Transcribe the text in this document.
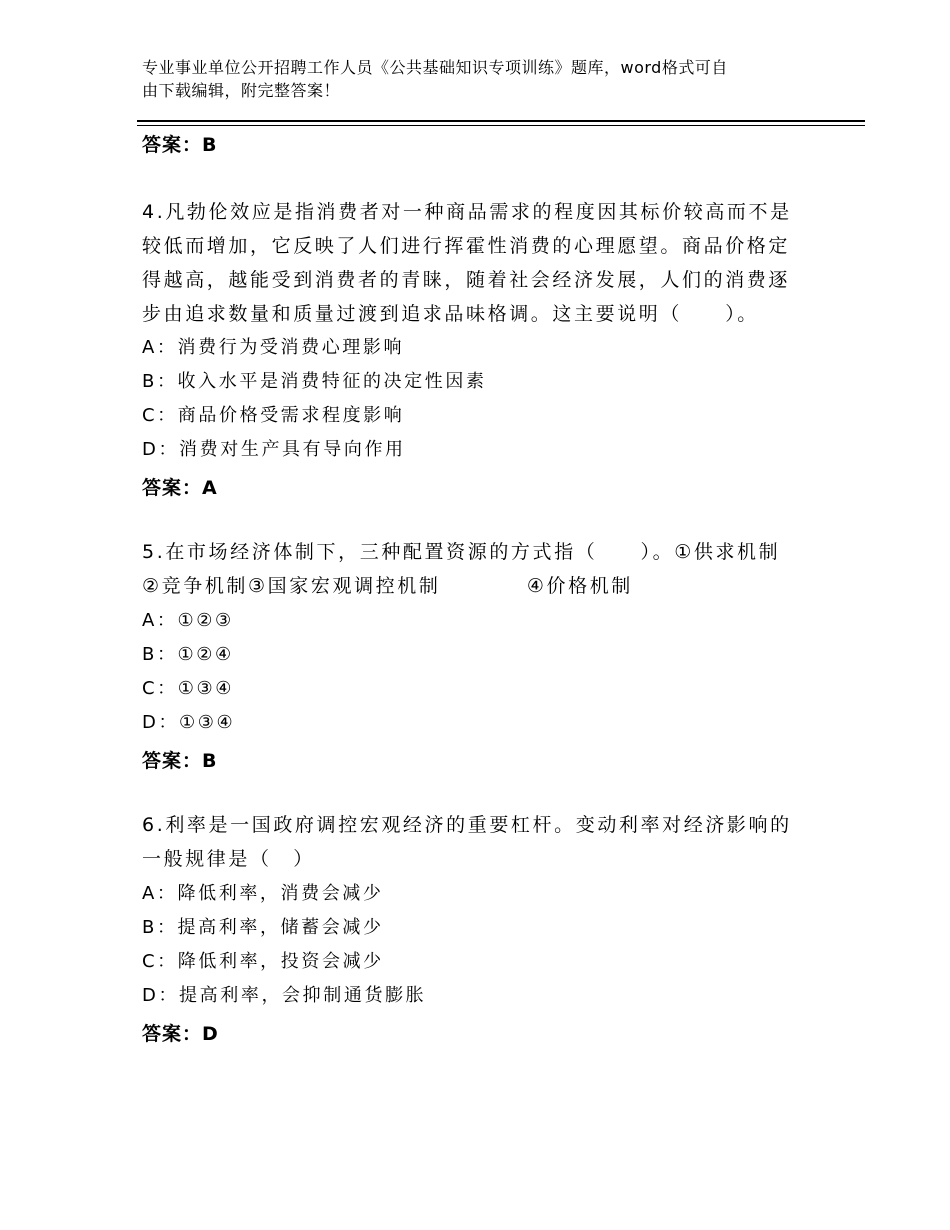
专业事业单位公开招聘工作人员《公共基础知识专项训练》题库，word格式可自
由下载编辑，附完整答案！
答案：B
4.凡勃伦效应是指消费者对一种商品需求的程度因其标价较高而不是
较低而增加，它反映了人们进行挥霍性消费的心理愿望。商品价格定
得越高，越能受到消费者的青睐，随着社会经济发展，人们的消费逐
步由追求数量和质量过渡到追求品味格调。这主要说明（　　）。
A：消费行为受消费心理影响
B：收入水平是消费特征的决定性因素
C：商品价格受需求程度影响
D：消费对生产具有导向作用
答案：A
5.在市场经济体制下，三种配置资源的方式指（　　）。①供求机制
②竞争机制③国家宏观调控机制　　　　④价格机制
A：①②③
B：①②④
C：①③④
D：①③④
答案：B
6.利率是一国政府调控宏观经济的重要杠杆。变动利率对经济影响的
一般规律是（　）
A：降低利率，消费会减少
B：提高利率，储蓄会减少
C：降低利率，投资会减少
D：提高利率，会抑制通货膨胀
答案：D
